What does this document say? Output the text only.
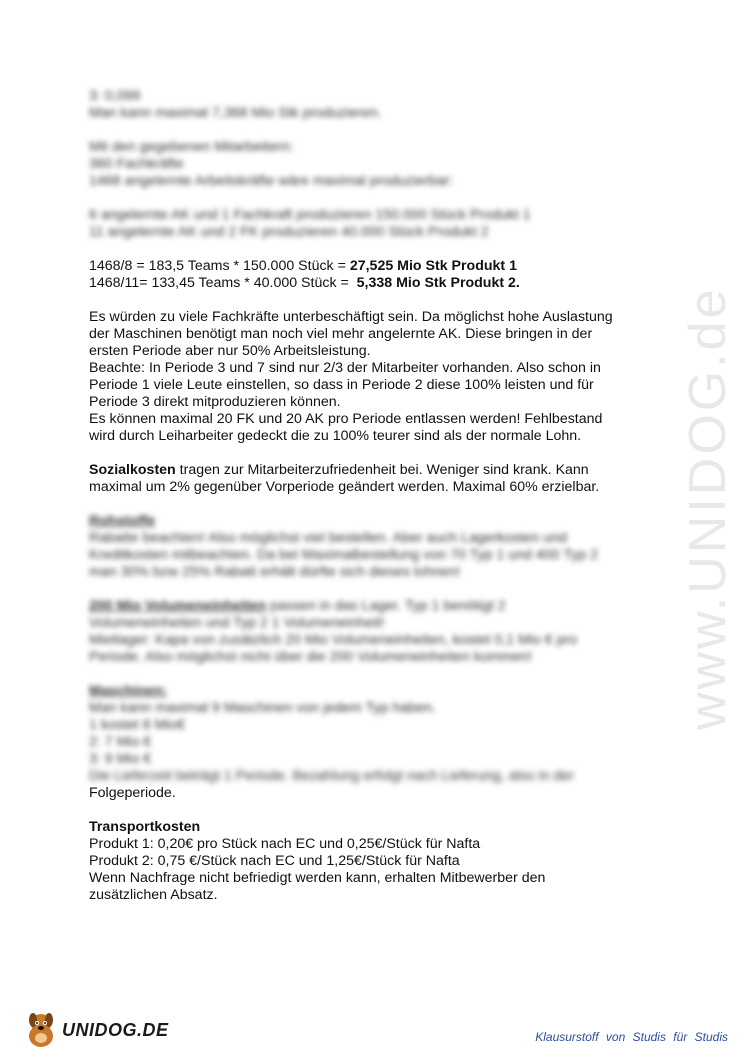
www.UNIDOG.de
3: 0,099
Man kann maximal 7,368 Mio Stk produzieren.
Mit den gegebenen Mitarbeitern:
360 Fachkräfte
1468 angelernte Arbeitskräfte wäre maximal produzierbar:
6 angelernte AK und 1 Fachkraft produzieren 150.000 Stück Produkt 1
11 angelernte AK und 2 FK produzieren 40.000 Stück Produkt 2
1468/8 = 183,5 Teams * 150.000 Stück = 27,525 Mio Stk Produkt 1
1468/11= 133,45 Teams * 40.000 Stück =  5,338 Mio Stk Produkt 2.
Es würden zu viele Fachkräfte unterbeschäftigt sein. Da möglichst hohe Auslastung
der Maschinen benötigt man noch viel mehr angelernte AK. Diese bringen in der
ersten Periode aber nur 50% Arbeitsleistung.
Beachte: In Periode 3 und 7 sind nur 2/3 der Mitarbeiter vorhanden. Also schon in
Periode 1 viele Leute einstellen, so dass in Periode 2 diese 100% leisten und für
Periode 3 direkt mitproduzieren können.
Es können maximal 20 FK und 20 AK pro Periode entlassen werden! Fehlbestand
wird durch Leiharbeiter gedeckt die zu 100% teurer sind als der normale Lohn.
Sozialkosten tragen zur Mitarbeiterzufriedenheit bei. Weniger sind krank. Kann
maximal um 2% gegenüber Vorperiode geändert werden. Maximal 60% erzielbar.
Rohstoffe
Rabatte beachten! Also möglichst viel bestellen. Aber auch Lagerkosten und
Kreditkosten mitbeachten. Da bei Maximalbestellung von 70 Typ 1 und 400 Typ 2
man 30% bzw 25% Rabatt erhält dürfte sich dieses lohnen!
200 Mio Volumeneinheiten passen in das Lager. Typ 1 benötigt 2
Volumeneinheiten und Typ 2 1 Volumeneinheit!
Mietlager: Kapa von zusätzlich 20 Mio Volumeneinheiten, kostet 0,1 Mio € pro
Periode. Also möglichst nicht über die 200 Volumeneinheiten kommen!
Maschinen:
Man kann maximal 9 Maschinen von jedem Typ haben.
1 kostet 8 Mio€
2: 7 Mio €
3: 9 Mio €
Die Lieferzeit beträgt 1 Periode. Bezahlung erfolgt nach Lieferung, also in der
Folgeperiode.
Transportkosten
Produkt 1: 0,20€ pro Stück nach EC und 0,25€/Stück für Nafta
Produkt 2: 0,75 €/Stück nach EC und 1,25€/Stück für Nafta
Wenn Nachfrage nicht befriedigt werden kann, erhalten Mitbewerber den
zusätzlichen Absatz.
UNIDOG.DE	Klausurstoff von Studis für Studis
